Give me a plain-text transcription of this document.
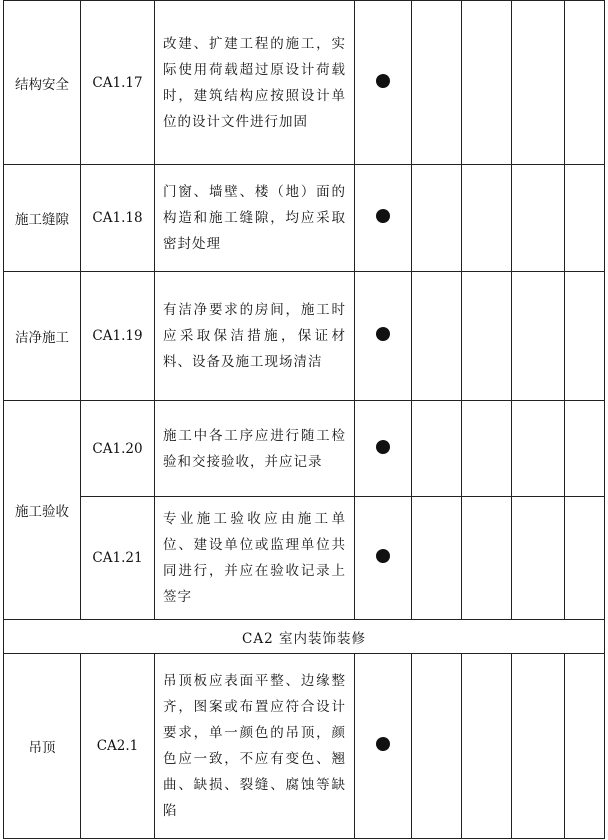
结构安全	CA1.17	改建、扩建工程的施工，实际使用荷载超过原设计荷载时，建筑结构应按照设计单位的设计文件进行加固					
施工缝隙	CA1.18	门窗、墙壁、楼（地）面的构造和施工缝隙，均应采取密封处理					
洁净施工	CA1.19	有洁净要求的房间，施工时应采取保洁措施，保证材料、设备及施工现场清洁					
施工验收	CA1.20	施工中各工序应进行随工检验和交接验收，并应记录					
	CA1.21	专业施工验收应由施工单位、建设单位或监理单位共同进行，并应在验收记录上签字					
CA2 室内装饰装修							
吊顶	CA2.1	吊顶板应表面平整、边缘整齐，图案或布置应符合设计要求，单一颜色的吊顶，颜色应一致，不应有变色、翘曲、缺损、裂缝、腐蚀等缺陷					
